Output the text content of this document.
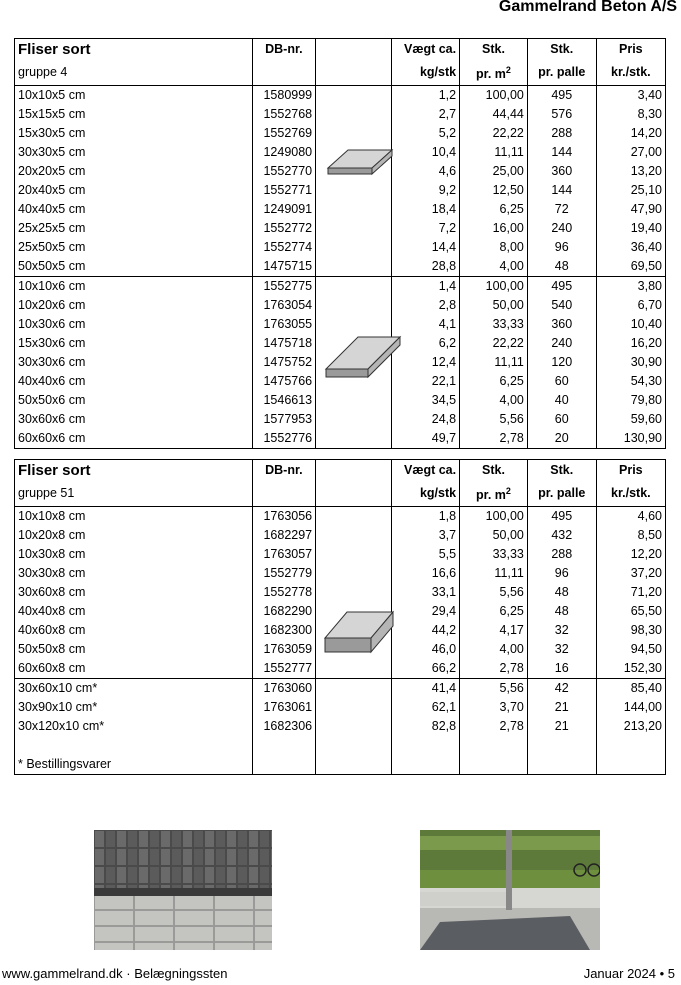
Gammelrand Beton A/S
Fliser sort	DB-nr.		Vægt ca.	Stk.	Stk.	Pris
gruppe 4			kg/stk	pr. $m^2$	pr. palle	kr./stk.
10x10x5 cm	1580999		1,2	100,00	495	3,40
15x15x5 cm	1552768		2,7	44,44	576	8,30
15x30x5 cm	1552769		5,2	22,22	288	14,20
30x30x5 cm	1249080		10,4	11,11	144	27,00
20x20x5 cm	1552770		4,6	25,00	360	13,20
20x40x5 cm	1552771		9,2	12,50	144	25,10
40x40x5 cm	1249091		18,4	6,25	72	47,90
25x25x5 cm	1552772		7,2	16,00	240	19,40
25x50x5 cm	1552774		14,4	8,00	96	36,40
50x50x5 cm	1475715		28,8	4,00	48	69,50
10x10x6 cm	1552775		1,4	100,00	495	3,80
10x20x6 cm	1763054		2,8	50,00	540	6,70
10x30x6 cm	1763055		4,1	33,33	360	10,40
15x30x6 cm	1475718		6,2	22,22	240	16,20
30x30x6 cm	1475752		12,4	11,11	120	30,90
40x40x6 cm	1475766		22,1	6,25	60	54,30
50x50x6 cm	1546613		34,5	4,00	40	79,80
30x60x6 cm	1577953		24,8	5,56	60	59,60
60x60x6 cm	1552776		49,7	2,78	20	130,90
Fliser sort	DB-nr.		Vægt ca.	Stk.	Stk.	Pris
gruppe 51			kg/stk	pr. $m^2$	pr. palle	kr./stk.
10x10x8 cm	1763056		1,8	100,00	495	4,60
10x20x8 cm	1682297		3,7	50,00	432	8,50
10x30x8 cm	1763057		5,5	33,33	288	12,20
30x30x8 cm	1552779		16,6	11,11	96	37,20
30x60x8 cm	1552778		33,1	5,56	48	71,20
40x40x8 cm	1682290		29,4	6,25	48	65,50
40x60x8 cm	1682300		44,2	4,17	32	98,30
50x50x8 cm	1763059		46,0	4,00	32	94,50
60x60x8 cm	1552777		66,2	2,78	16	152,30
30x60x10 cm*	1763060		41,4	5,56	42	85,40
30x90x10 cm*	1763061		62,1	3,70	21	144,00
30x120x10 cm*	1682306		82,8	2,78	21	213,20

* Bestillingsvarer						
www.gammelrand.dk · Belægningssten	Januar 2024 • 5
